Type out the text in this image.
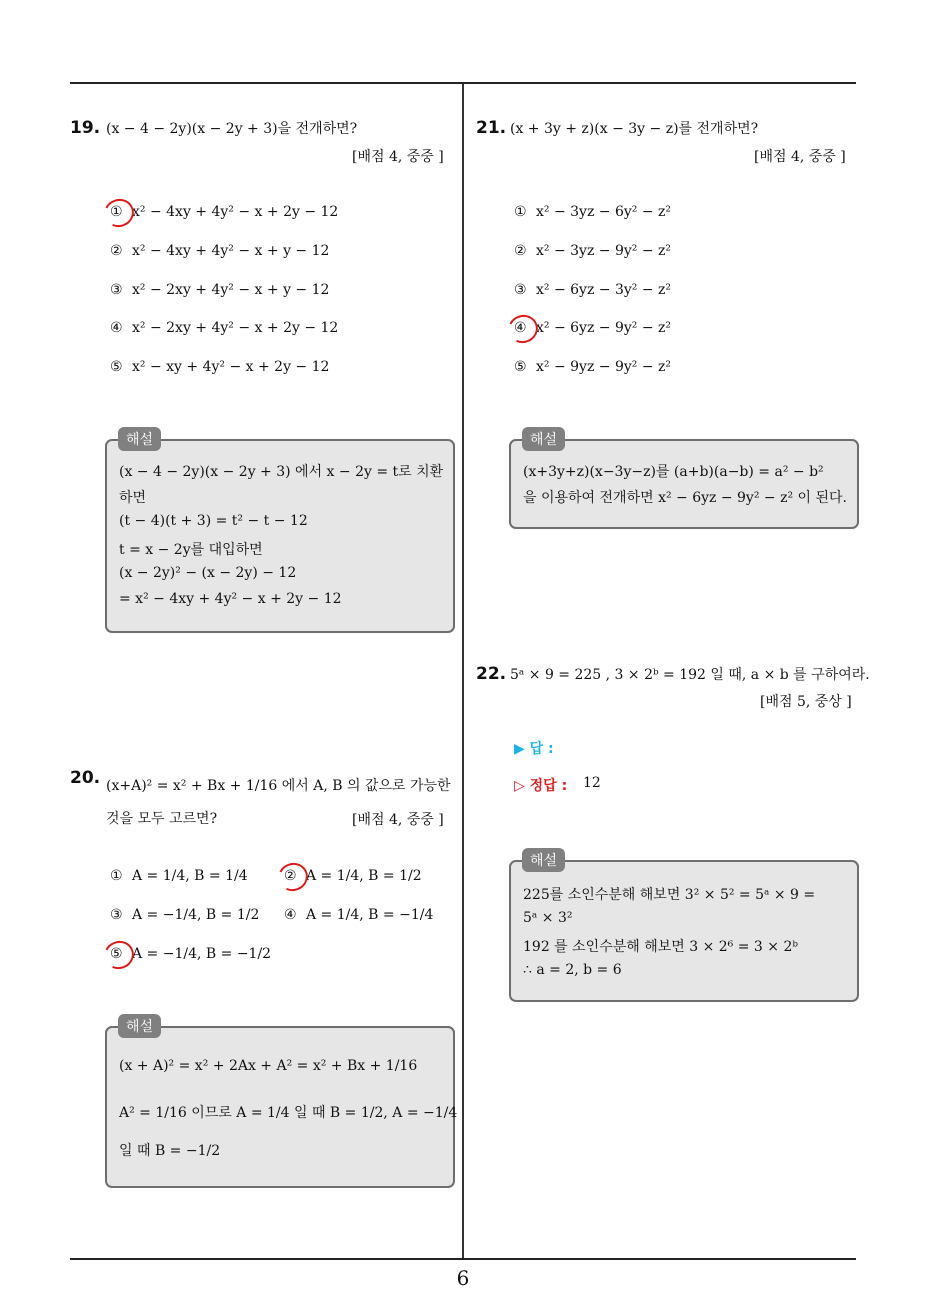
19. (x − 4 − 2y)(x − 2y + 3)을 전개하면?
[배점 4, 중중 ]
① x² − 4xy + 4y² − x + 2y − 12
② x² − 4xy + 4y² − x + y − 12
③ x² − 2xy + 4y² − x + y − 12
④ x² − 2xy + 4y² − x + 2y − 12
⑤ x² − xy + 4y² − x + 2y − 12
(x − 4 − 2y)(x − 2y + 3) 에서 x − 2y = t로 치환
하면
(t − 4)(t + 3) = t² − t − 12
t = x − 2y를 대입하면
(x − 2y)² − (x − 2y) − 12
= x² − 4xy + 4y² − x + 2y − 12
해설
20. (x+A)² = x² + Bx + 1/16 에서 A, B 의 값으로 가능한
것을 모두 고르면?	[배점 4, 중중 ]
① A = 1/4, B = 1/4	② A = 1/4, B = 1/2
③ A = −1/4, B = 1/2 ④ A = 1/4, B = −1/4
⑤ A = −1/4, B = −1/2
(x + A)² = x² + 2Ax + A² = x² + Bx + 1/16
A² = 1/16 이므로 A = 1/4 일 때 B = 1/2, A = −1/4
일 때 B = −1/2
해설
21. (x + 3y + z)(x − 3y − z)를 전개하면?
[배점 4, 중중 ]
① x² − 3yz − 6y² − z²
② x² − 3yz − 9y² − z²
③ x² − 6yz − 3y² − z²
④ x² − 6yz − 9y² − z²
⑤ x² − 9yz − 9y² − z²
(x+3y+z)(x−3y−z)를 (a+b)(a−b) = a² − b²
을 이용하여 전개하면 x² − 6yz − 9y² − z² 이 된다.
해설
22. 5ᵃ × 9 = 225 , 3 × 2ᵇ = 192 일 때, a × b 를 구하여라.
[배점 5, 중상 ]
▶ 답 :
▷ 정답 : 12
225를 소인수분해 해보면 3² × 5² = 5ᵃ × 9 =
5ᵃ × 3²
192 를 소인수분해 해보면 3 × 2⁶ = 3 × 2ᵇ
∴ a = 2, b = 6
해설
6
